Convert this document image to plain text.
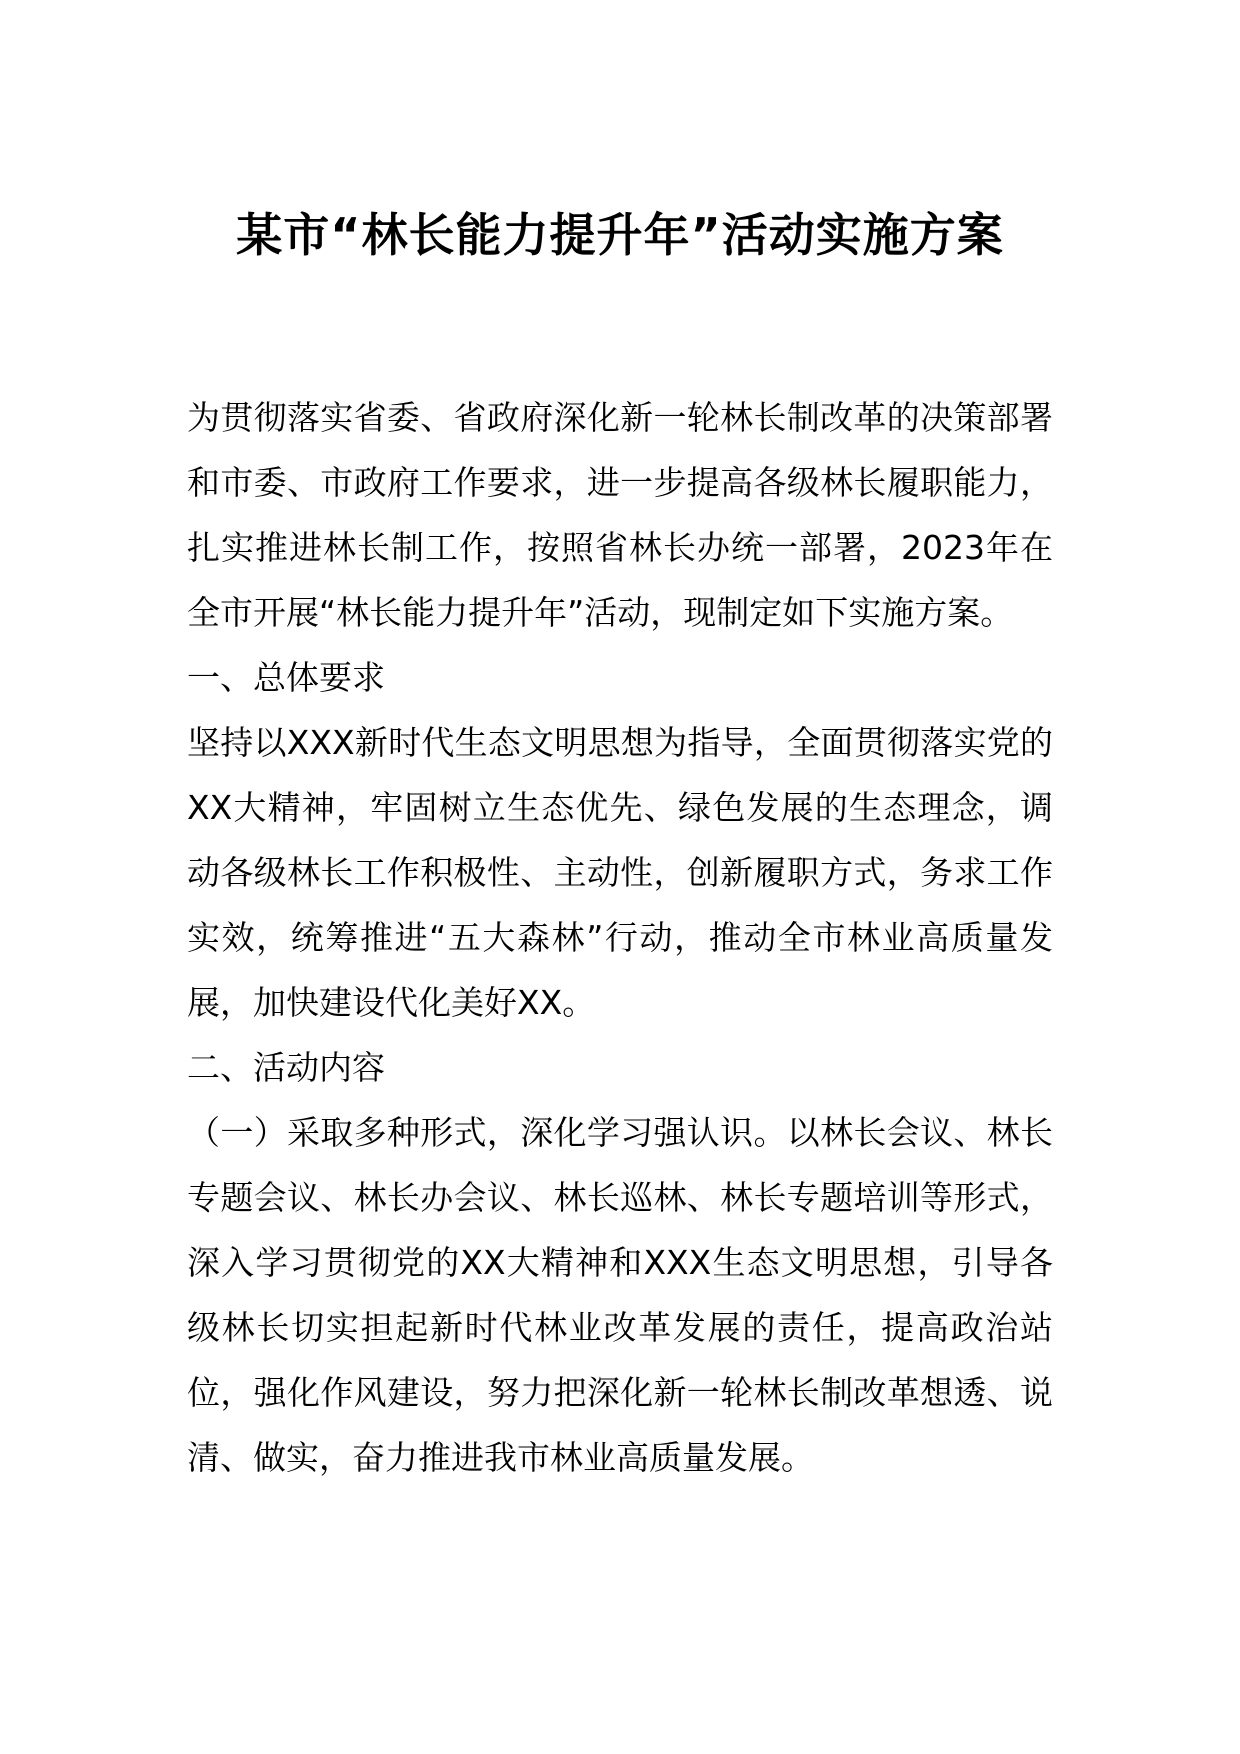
某市“林长能力提升年”活动实施方案

为贯彻落实省委、省政府深化新一轮林长制改革的决策部署和市委、市政府工作要求，进一步提高各级林长履职能力，扎实推进林长制工作，按照省林长办统一部署，2023年在全市开展“林长能力提升年”活动，现制定如下实施方案。

一、总体要求

坚持以XXX新时代生态文明思想为指导，全面贯彻落实党的XX大精神，牢固树立生态优先、绿色发展的生态理念，调动各级林长工作积极性、主动性，创新履职方式，务求工作实效，统筹推进“五大森林”行动，推动全市林业高质量发展，加快建设代化美好XX。

二、活动内容

（一）采取多种形式，深化学习强认识。以林长会议、林长专题会议、林长办会议、林长巡林、林长专题培训等形式，深入学习贯彻党的XX大精神和XXX生态文明思想，引导各级林长切实担起新时代林业改革发展的责任，提高政治站位，强化作风建设，努力把深化新一轮林长制改革想透、说清、做实，奋力推进我市林业高质量发展。
